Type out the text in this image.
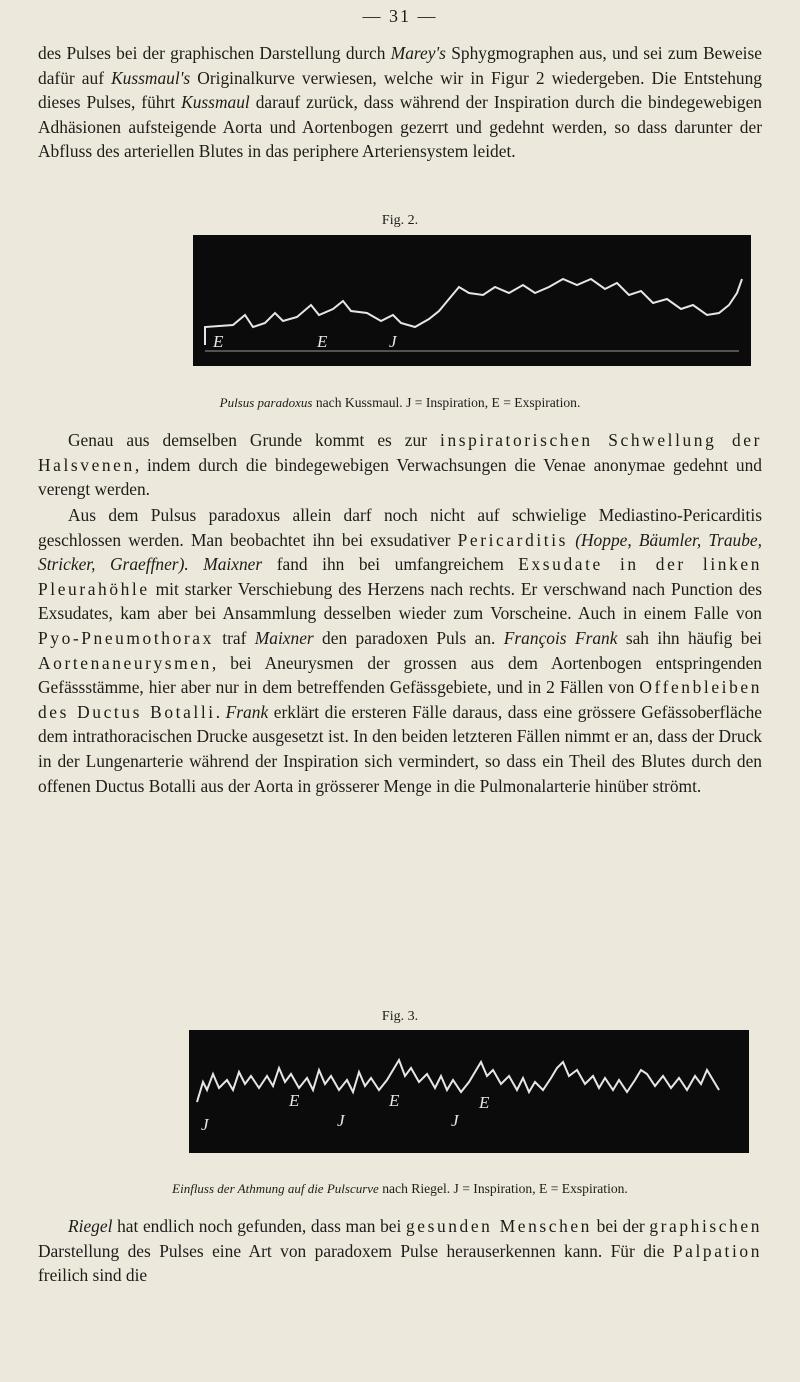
— 31 —

des Pulses bei der graphischen Darstellung durch Marey's Sphygmographen aus, und sei zum Beweise dafür auf Kussmaul's Originalkurve verwiesen, welche wir in Figur 2 wiedergeben. Die Entstehung dieses Pulses, führt Kussmaul darauf zurück, dass während der Inspiration durch die bindegewebigen Adhäsionen aufsteigende Aorta und Aortenbogen gezerrt und gedehnt werden, so dass darunter der Abfluss des arteriellen Blutes in das periphere Arteriensystem leidet.

Fig. 2.
E	E	J
Pulsus paradoxus nach Kussmaul. J = Inspiration, E = Exspiration.

Genau aus demselben Grunde kommt es zur inspiratorischen Schwellung der Halsvenen, indem durch die bindegewebigen Verwachsungen die Venae anonymae gedehnt und verengt werden.

Aus dem Pulsus paradoxus allein darf noch nicht auf schwielige Mediastino-Pericarditis geschlossen werden. Man beobachtet ihn bei exsudativer Pericarditis (Hoppe, Bäumler, Traube, Stricker, Graeffner). Maixner fand ihn bei umfangreichem Exsudate in der linken Pleurahöhle mit starker Verschiebung des Herzens nach rechts. Er verschwand nach Punction des Exsudates, kam aber bei Ansammlung desselben wieder zum Vorscheine. Auch in einem Falle von Pyo-Pneumothorax traf Maixner den paradoxen Puls an. François Frank sah ihn häufig bei Aortenaneurysmen, bei Aneurysmen der grossen aus dem Aortenbogen entspringenden Gefässstämme, hier aber nur in dem betreffenden Gefässgebiete, und in 2 Fällen von Offenbleiben des Ductus Botalli. Frank erklärt die ersteren Fälle daraus, dass eine grössere Gefässoberfläche dem intrathoracischen Drucke ausgesetzt ist. In den beiden letzteren Fällen nimmt er an, dass der Druck in der Lungenarterie während der Inspiration sich vermindert, so dass ein Theil des Blutes durch den offenen Ductus Botalli aus der Aorta in grösserer Menge in die Pulmonalarterie hinüber strömt.

Fig. 3.
J
E
J
E
J
E
Einfluss der Athmung auf die Pulscurve nach Riegel. J = Inspiration, E = Exspiration.

Riegel hat endlich noch gefunden, dass man bei gesunden Menschen bei der graphischen Darstellung des Pulses eine Art von paradoxem Pulse herauserkennen kann. Für die Palpation freilich sind die
